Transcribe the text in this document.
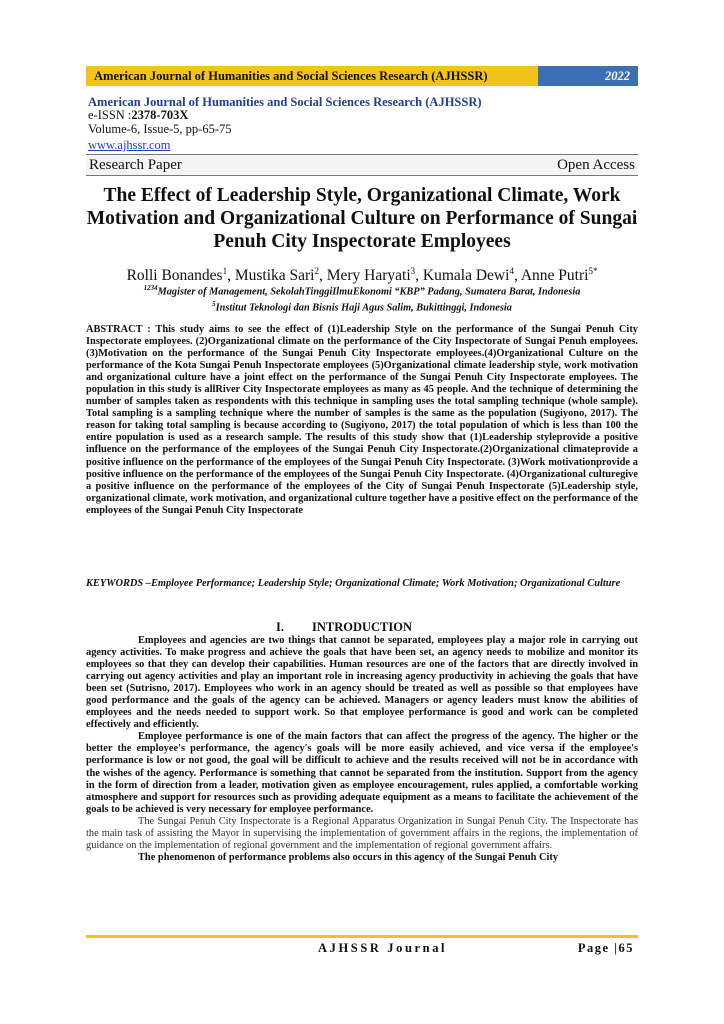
American Journal of Humanities and Social Sciences Research (AJHSSR)	2022
American Journal of Humanities and Social Sciences Research (AJHSSR)
e-ISSN :2378-703X
Volume-6, Issue-5, pp-65-75
www.ajhssr.com
Research Paper	Open Access
The Effect of Leadership Style, Organizational Climate, Work Motivation and Organizational Culture on Performance of Sungai Penuh City Inspectorate Employees
Rolli Bonandes$^1$, Mustika Sari$^2$, Mery Haryati$^3$, Kumala Dewi$^4$, Anne Putri$^{5*}$
$^{1234}$Magister of Management, SekolahTinggiIlmuEkonomi “KBP” Padang, Sumatera Barat, Indonesia
$^5$Institut Teknologi dan Bisnis Haji Agus Salim, Bukittinggi, Indonesia
ABSTRACT : This study aims to see the effect of (1)Leadership Style on the performance of the Sungai Penuh City Inspectorate employees. (2)Organizational climate on the performance of the City Inspectorate of Sungai Penuh employees.(3)Motivation on the performance of the Sungai Penuh City Inspectorate employees.(4)Organizational Culture on the performance of the Kota Sungai Penuh Inspectorate employees (5)Organizational climate leadership style, work motivation and organizational culture have a joint effect on the performance of the Sungai Penuh City Inspectorate employees. The population in this study is allRiver City Inspectorate employees as many as 45 people. And the technique of determining the number of samples taken as respondents with this technique in sampling uses the total sampling technique (whole sample). Total sampling is a sampling technique where the number of samples is the same as the population (Sugiyono, 2017). The reason for taking total sampling is because according to (Sugiyono, 2017) the total population of which is less than 100 the entire population is used as a research sample. The results of this study show that (1)Leadership styleprovide a positive influence on the performance of the employees of the Sungai Penuh City Inspectorate.(2)Organizational climateprovide a positive influence on the performance of the employees of the Sungai Penuh City Inspectorate. (3)Work motivationprovide a positive influence on the performance of the employees of the Sungai Penuh City Inspectorate. (4)Organizational culturegive a positive influence on the performance of the employees of the City of Sungai Penuh Inspectorate (5)Leadership style, organizational climate, work motivation, and organizational culture together have a positive effect on the performance of the employees of the Sungai Penuh City Inspectorate
KEYWORDS –Employee Performance; Leadership Style; Organizational Climate; Work Motivation; Organizational Culture
I. INTRODUCTION

Employees and agencies are two things that cannot be separated, employees play a major role in carrying out agency activities. To make progress and achieve the goals that have been set, an agency needs to mobilize and monitor its employees so that they can develop their capabilities. Human resources are one of the factors that are directly involved in carrying out agency activities and play an important role in increasing agency productivity in achieving the goals that have been set (Sutrisno, 2017). Employees who work in an agency should be treated as well as possible so that employees have good performance and the goals of the agency can be achieved. Managers or agency leaders must know the abilities of employees and the needs needed to support work. So that employee performance is good and work can be completed effectively and efficiently.

Employee performance is one of the main factors that can affect the progress of the agency. The higher or the better the employee's performance, the agency's goals will be more easily achieved, and vice versa if the employee's performance is low or not good, the goal will be difficult to achieve and the results received will not be in accordance with the wishes of the agency. Performance is something that cannot be separated from the institution. Support from the agency in the form of direction from a leader, motivation given as employee encouragement, rules applied, a comfortable working atmosphere and support for resources such as providing adequate equipment as a means to facilitate the achievement of the goals to be achieved is very necessary for employee performance.

The Sungai Penuh City Inspectorate is a Regional Apparatus Organization in Sungai Penuh City. The Inspectorate has the main task of assisting the Mayor in supervising the implementation of government affairs in the regions, the implementation of guidance on the implementation of regional government and the implementation of regional government affairs.

The phenomenon of performance problems also occurs in this agency of the Sungai Penuh City

AJHSSR Journal	Page |65
